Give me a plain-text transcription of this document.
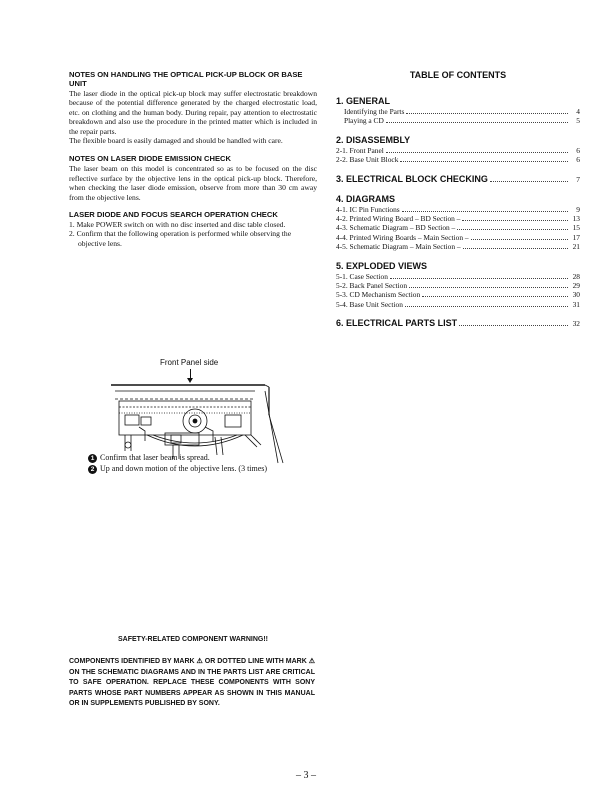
NOTES ON HANDLING THE OPTICAL PICK-UP BLOCK OR BASE UNIT

The laser diode in the optical pick-up block may suffer electrostatic breakdown because of the potential difference generated by the charged electrostatic load, etc. on clothing and the human body. During repair, pay attention to electrostatic breakdown and also use the procedure in the printed matter which is included in the repair parts.

The flexible board is easily damaged and should be handled with care.

NOTES ON LASER DIODE EMISSION CHECK

The laser beam on this model is concentrated so as to be focused on the disc reflective surface by the objective lens in the optical pick-up block. Therefore, when checking the laser diode emission, observe from more than 30 cm away from the objective lens.

LASER DIODE AND FOCUS SEARCH OPERATION CHECK

1. Make POWER switch on with no disc inserted and disc table closed.
2. Confirm that the following operation is performed while observing the objective lens.
Front Panel side
1 Confirm that laser beam is spread.
2 Up and down motion of the objective lens. (3 times)

TABLE OF CONTENTS

1. GENERAL
Identifying the Parts	4
Playing a CD	5
2. DISASSEMBLY
2-1. Front Panel	6
2-2. Base Unit Block	6
3. ELECTRICAL BLOCK CHECKING	7
4. DIAGRAMS
4-1. IC Pin Functions	9
4-2. Printed Wiring Board – BD Section –	13
4-3. Schematic Diagram – BD Section –	15
4-4. Printed Wiring Boards – Main Section –	17
4-5. Schematic Diagram – Main Section –	21
5. EXPLODED VIEWS
5-1. Case Section	28
5-2. Back Panel Section	29
5-3. CD Mechanism Section	30
5-4. Base Unit Section	31
6. ELECTRICAL PARTS LIST	32
SAFETY-RELATED COMPONENT WARNING!!
COMPONENTS IDENTIFIED BY MARK ⚠ OR DOTTED LINE WITH MARK ⚠ ON THE SCHEMATIC DIAGRAMS AND IN THE PARTS LIST ARE CRITICAL TO SAFE OPERATION. REPLACE THESE COMPONENTS WITH SONY PARTS WHOSE PART NUMBERS APPEAR AS SHOWN IN THIS MANUAL OR IN SUPPLEMENTS PUBLISHED BY SONY.
– 3 –
